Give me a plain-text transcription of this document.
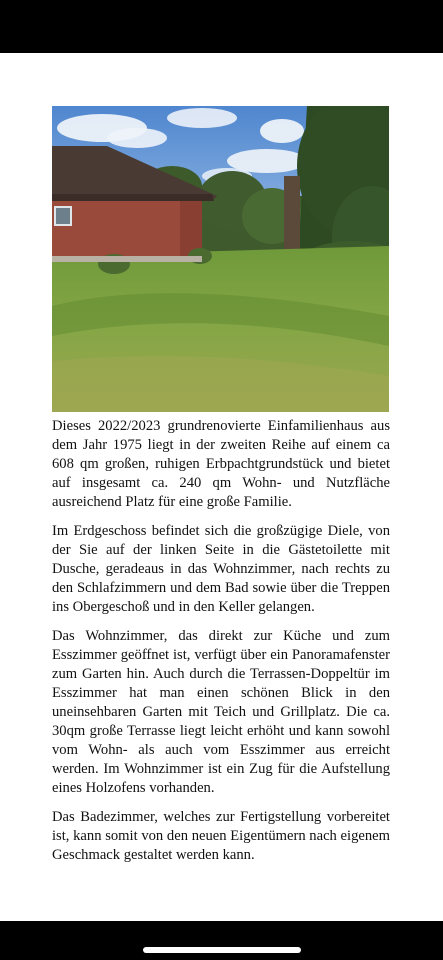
Dieses 2022/2023 grundrenovierte Einfamilienhaus aus dem Jahr 1975 liegt in der zweiten Reihe auf einem ca 608 qm großen, ruhigen Erbpachtgrundstück und bietet auf insgesamt ca. 240 qm Wohn- und Nutzfläche ausreichend Platz für eine große Familie.

Im Erdgeschoss befindet sich die großzügige Diele, von der Sie auf der linken Seite in die Gästetoilette mit Dusche, geradeaus in das Wohnzimmer, nach rechts zu den Schlafzimmern und dem Bad sowie über die Treppen ins Obergeschoß und in den Keller gelangen.

Das Wohnzimmer, das direkt zur Küche und zum Esszimmer geöffnet ist, verfügt über ein Panoramafenster zum Garten hin. Auch durch die Terrassen-Doppeltür im Esszimmer hat man einen schönen Blick in den uneinsehbaren Garten mit Teich und Grillplatz. Die ca. 30qm große Terrasse liegt leicht erhöht und kann sowohl vom Wohn- als auch vom Esszimmer aus erreicht werden. Im Wohnzimmer ist ein Zug für die Aufstellung eines Holzofens vorhanden.

Das Badezimmer, welches zur Fertigstellung vorbereitet ist, kann somit von den neuen Eigentümern nach eigenem Geschmack gestaltet werden kann.
